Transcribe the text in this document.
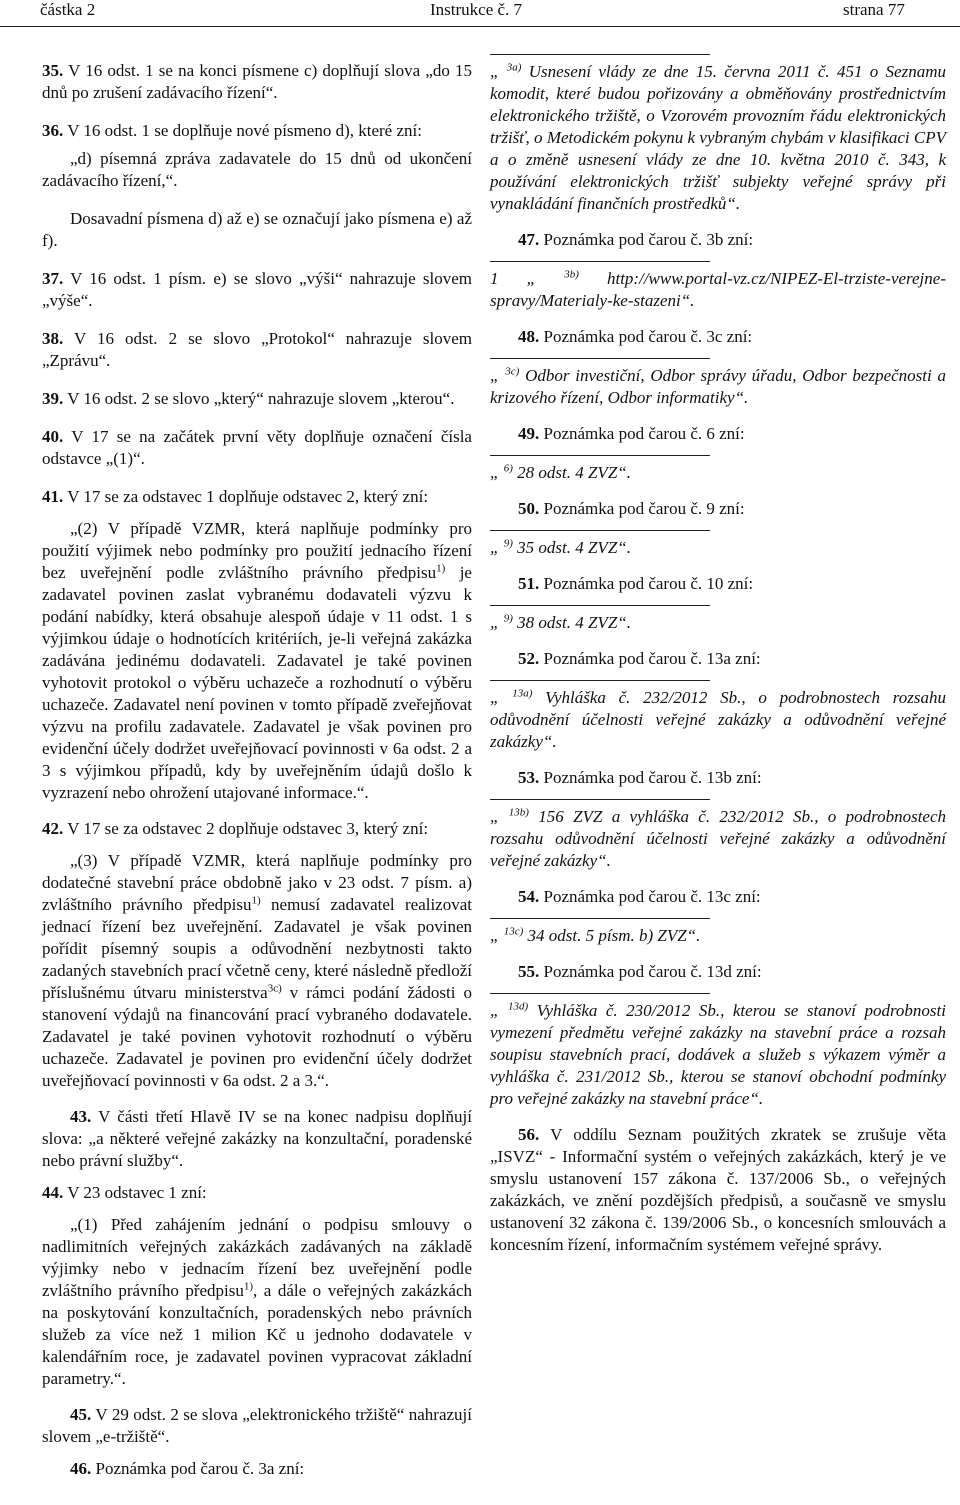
částka 2	Instrukce č. 7	strana 77

35. V 16 odst. 1 se na konci písmene c) doplňují slova „do 15 dnů po zrušení zadávacího řízení“.

36. V 16 odst. 1 se doplňuje nové písmeno d), které zní:

„d) písemná zpráva zadavatele do 15 dnů od ukončení zadávacího řízení,“.

Dosavadní písmena d) až e) se označují jako písmena e) až f).

37. V 16 odst. 1 písm. e) se slovo „výši“ nahrazuje slovem „výše“.

38. V 16 odst. 2 se slovo „Protokol“ nahrazuje slovem „Zprávu“.

39. V 16 odst. 2 se slovo „který“ nahrazuje slovem „kterou“.

40. V 17 se na začátek první věty doplňuje označení čísla odstavce „(1)“.

41. V 17 se za odstavec 1 doplňuje odstavec 2, který zní:

„(2) V případě VZMR, která naplňuje podmínky pro použití výjimek nebo podmínky pro použití jednacího řízení bez uveřejnění podle zvláštního právního předpisu$^{1)}$ je zadavatel povinen zaslat vybranému dodavateli výzvu k podání nabídky, která obsahuje alespoň údaje v 11 odst. 1 s výjimkou údaje o hodnotících kritériích, je-li veřejná zakázka zadávána jedinému dodavateli. Zadavatel je také povinen vyhotovit protokol o výběru uchazeče a rozhodnutí o výběru uchazeče. Zadavatel není povinen v tomto případě zveřejňovat výzvu na profilu zadavatele. Zadavatel je však povinen pro evidenční účely dodržet uveřejňovací povinnosti v 6a odst. 2 a 3 s výjimkou případů, kdy by uveřejněním údajů došlo k vyzrazení nebo ohrožení utajované informace.“.

42. V 17 se za odstavec 2 doplňuje odstavec 3, který zní:

„(3) V případě VZMR, která naplňuje podmínky pro dodatečné stavební práce obdobně jako v 23 odst. 7 písm. a) zvláštního právního předpisu$^{1)}$ nemusí zadavatel realizovat jednací řízení bez uveřejnění. Zadavatel je však povinen pořídit písemný soupis a odůvodnění nezbytnosti takto zadaných stavebních prací včetně ceny, které následně předloží příslušnému útvaru ministerstva$^{3c)}$ v rámci podání žádosti o stanovení výdajů na financování prací vybraného dodavatele. Zadavatel je také povinen vyhotovit rozhodnutí o výběru uchazeče. Zadavatel je povinen pro evidenční účely dodržet uveřejňovací povinnosti v 6a odst. 2 a 3.“.

43. V části třetí Hlavě IV se na konec nadpisu doplňují slova: „a některé veřejné zakázky na konzultační, poradenské nebo právní služby“.

44. V 23 odstavec 1 zní:

„(1) Před zahájením jednání o podpisu smlouvy o nadlimitních veřejných zakázkách zadávaných na základě výjimky nebo v jednacím řízení bez uveřejnění podle zvláštního právního předpisu$^{1)}$, a dále o veřejných zakázkách na poskytování konzultačních, poradenských nebo právních služeb za více než 1 milion Kč u jednoho dodavatele v kalendářním roce, je zadavatel povinen vypracovat základní parametry.“.

45. V 29 odst. 2 se slova „elektronického tržiště“ nahrazují slovem „e-tržiště“.

46. Poznámka pod čarou č. 3a zní:

„ $^{3a)}$ Usnesení vlády ze dne 15. června 2011 č. 451 o Seznamu komodit, které budou pořizovány a obměňovány prostřednictvím elektronického tržiště, o Vzorovém provozním řádu elektronických tržišť, o Metodickém pokynu k vybraným chybám v klasifikaci CPV a o změně usnesení vlády ze dne 10. května 2010 č. 343, k používání elektronických tržišť subjekty veřejné správy při vynakládání finančních prostředků“.

47. Poznámka pod čarou č. 3b zní:

1 „ $^{3b)}$ http://www.portal-vz.cz/NIPEZ-El-trziste-verejne-spravy/Materialy-ke-stazeni“.

48. Poznámka pod čarou č. 3c zní:

„ $^{3c)}$ Odbor investiční, Odbor správy úřadu, Odbor bezpečnosti a krizového řízení, Odbor informatiky“.

49. Poznámka pod čarou č. 6 zní:

„ $^{6)}$ 28 odst. 4 ZVZ“.

50. Poznámka pod čarou č. 9 zní:

„ $^{9)}$ 35 odst. 4 ZVZ“.

51. Poznámka pod čarou č. 10 zní:

„ $^{9)}$ 38 odst. 4 ZVZ“.

52. Poznámka pod čarou č. 13a zní:

„ $^{13a)}$ Vyhláška č. 232/2012 Sb., o podrobnostech rozsahu odůvodnění účelnosti veřejné zakázky a odůvodnění veřejné zakázky“.

53. Poznámka pod čarou č. 13b zní:

„ $^{13b)}$ 156 ZVZ a vyhláška č. 232/2012 Sb., o podrobnostech rozsahu odůvodnění účelnosti veřejné zakázky a odůvodnění veřejné zakázky“.

54. Poznámka pod čarou č. 13c zní:

„ $^{13c)}$ 34 odst. 5 písm. b) ZVZ“.

55. Poznámka pod čarou č. 13d zní:

„ $^{13d)}$ Vyhláška č. 230/2012 Sb., kterou se stanoví podrobnosti vymezení předmětu veřejné zakázky na stavební práce a rozsah soupisu stavebních prací, dodávek a služeb s výkazem výměr a vyhláška č. 231/2012 Sb., kterou se stanoví obchodní podmínky pro veřejné zakázky na stavební práce“.

56. V oddílu Seznam použitých zkratek se zrušuje věta „ISVZ“ - Informační systém o veřejných zakázkách, který je ve smyslu ustanovení 157 zákona č. 137/2006 Sb., o veřejných zakázkách, ve znění pozdějších předpisů, a současně ve smyslu ustanovení 32 zákona č. 139/2006 Sb., o koncesních smlouvách a koncesním řízení, informačním systémem veřejné správy.
